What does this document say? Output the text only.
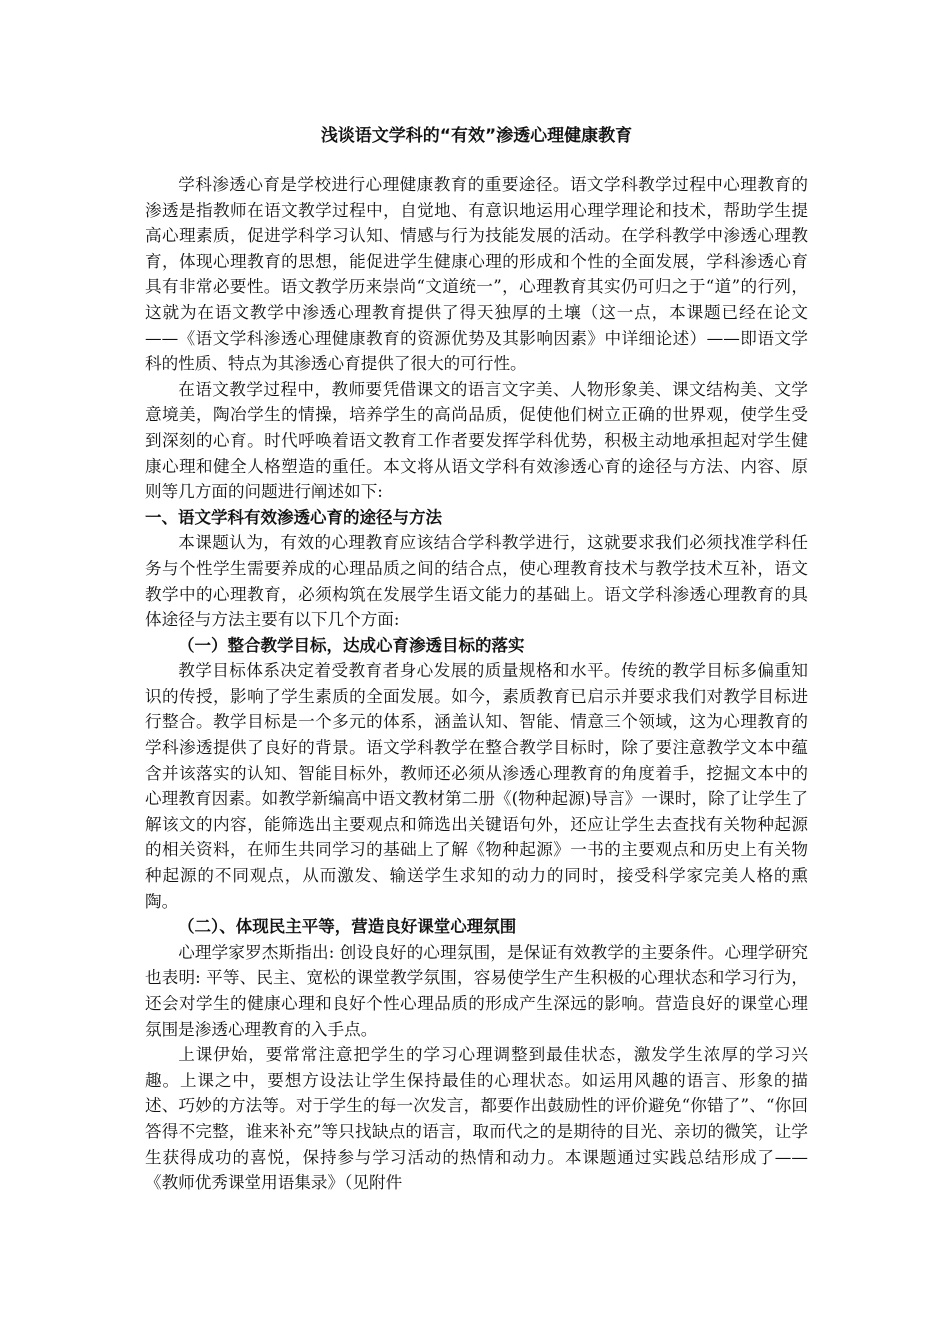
浅谈语文学科的“有效”渗透心理健康教育

学科渗透心育是学校进行心理健康教育的重要途径。语文学科教学过程中心理教育的渗透是指教师在语文教学过程中，自觉地、有意识地运用心理学理论和技术，帮助学生提高心理素质，促进学科学习认知、情感与行为技能发展的活动。在学科教学中渗透心理教育，体现心理教育的思想，能促进学生健康心理的形成和个性的全面发展，学科渗透心育具有非常必要性。语文教学历来崇尚“文道统一”，心理教育其实仍可归之于“道”的行列，这就为在语文教学中渗透心理教育提供了得天独厚的土壤（这一点，本课题已经在论文——《语文学科渗透心理健康教育的资源优势及其影响因素》中详细论述）——即语文学科的性质、特点为其渗透心育提供了很大的可行性。

在语文教学过程中，教师要凭借课文的语言文字美、人物形象美、课文结构美、文学意境美，陶冶学生的情操，培养学生的高尚品质，促使他们树立正确的世界观，使学生受到深刻的心育。时代呼唤着语文教育工作者要发挥学科优势，积极主动地承担起对学生健康心理和健全人格塑造的重任。本文将从语文学科有效渗透心育的途径与方法、内容、原则等几方面的问题进行阐述如下:

一、语文学科有效渗透心育的途径与方法

本课题认为，有效的心理教育应该结合学科教学进行，这就要求我们必须找准学科任务与个性学生需要养成的心理品质之间的结合点，使心理教育技术与教学技术互补，语文教学中的心理教育，必须构筑在发展学生语文能力的基础上。语文学科渗透心理教育的具体途径与方法主要有以下几个方面:

（一）整合教学目标，达成心育渗透目标的落实

教学目标体系决定着受教育者身心发展的质量规格和水平。传统的教学目标多偏重知识的传授，影响了学生素质的全面发展。如今，素质教育已启示并要求我们对教学目标进行整合。教学目标是一个多元的体系，涵盖认知、智能、情意三个领域，这为心理教育的学科渗透提供了良好的背景。语文学科教学在整合教学目标时，除了要注意教学文本中蕴含并该落实的认知、智能目标外，教师还必须从渗透心理教育的角度着手，挖掘文本中的心理教育因素。如教学新编高中语文教材第二册《(物种起源)导言》一课时，除了让学生了解该文的内容，能筛选出主要观点和筛选出关键语句外，还应让学生去查找有关物种起源的相关资料，在师生共同学习的基础上了解《物种起源》一书的主要观点和历史上有关物种起源的不同观点，从而激发、输送学生求知的动力的同时，接受科学家完美人格的熏陶。

（二）、体现民主平等，营造良好课堂心理氛围

心理学家罗杰斯指出: 创设良好的心理氛围，是保证有效教学的主要条件。心理学研究也表明: 平等、民主、宽松的课堂教学氛围，容易使学生产生积极的心理状态和学习行为，还会对学生的健康心理和良好个性心理品质的形成产生深远的影响。营造良好的课堂心理氛围是渗透心理教育的入手点。

上课伊始，要常常注意把学生的学习心理调整到最佳状态，激发学生浓厚的学习兴趣。上课之中，要想方设法让学生保持最佳的心理状态。如运用风趣的语言、形象的描述、巧妙的方法等。对于学生的每一次发言，都要作出鼓励性的评价避免“你错了”、“你回答得不完整，谁来补充”等只找缺点的语言，取而代之的是期待的目光、亲切的微笑，让学生获得成功的喜悦，保持参与学习活动的热情和动力。本课题通过实践总结形成了——《教师优秀课堂用语集录》（见附件
